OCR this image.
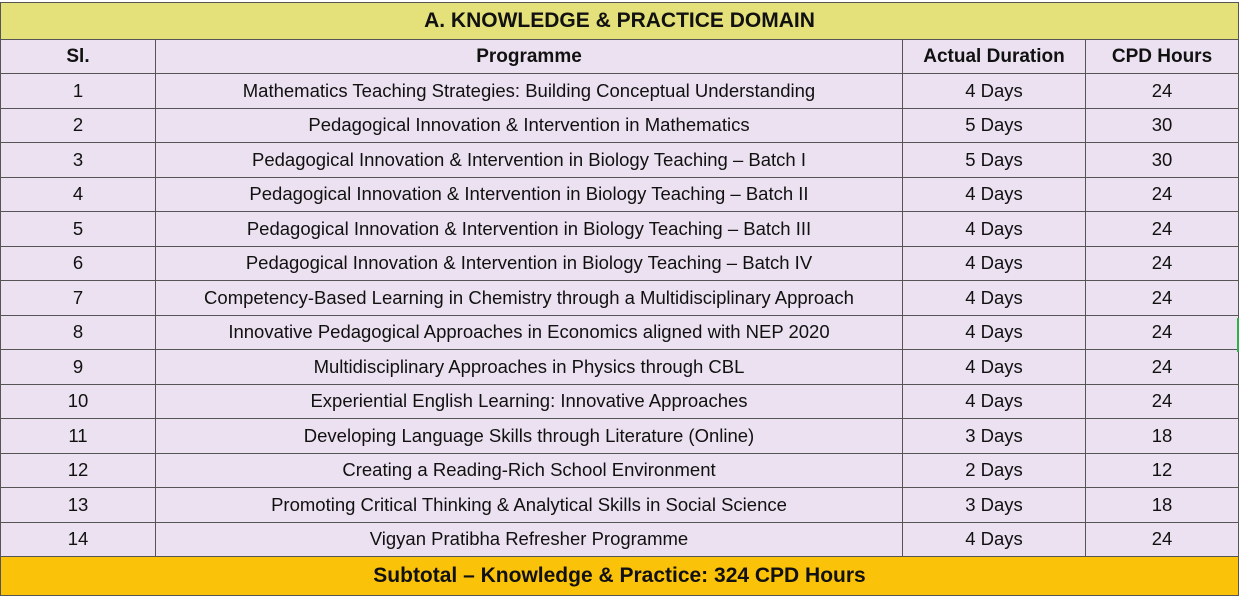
A. KNOWLEDGE & PRACTICE DOMAIN			
Sl.	Programme	Actual Duration	CPD Hours
1	Mathematics Teaching Strategies: Building Conceptual Understanding	4 Days	24
2	Pedagogical Innovation & Intervention in Mathematics	5 Days	30
3	Pedagogical Innovation & Intervention in Biology Teaching – Batch I	5 Days	30
4	Pedagogical Innovation & Intervention in Biology Teaching – Batch II	4 Days	24
5	Pedagogical Innovation & Intervention in Biology Teaching – Batch III	4 Days	24
6	Pedagogical Innovation & Intervention in Biology Teaching – Batch IV	4 Days	24
7	Competency-Based Learning in Chemistry through a Multidisciplinary Approach	4 Days	24
8	Innovative Pedagogical Approaches in Economics aligned with NEP 2020	4 Days	24
9	Multidisciplinary Approaches in Physics through CBL	4 Days	24
10	Experiential English Learning: Innovative Approaches	4 Days	24
11	Developing Language Skills through Literature (Online)	3 Days	18
12	Creating a Reading-Rich School Environment	2 Days	12
13	Promoting Critical Thinking & Analytical Skills in Social Science	3 Days	18
14	Vigyan Pratibha Refresher Programme	4 Days	24
Subtotal – Knowledge & Practice: 324 CPD Hours			
